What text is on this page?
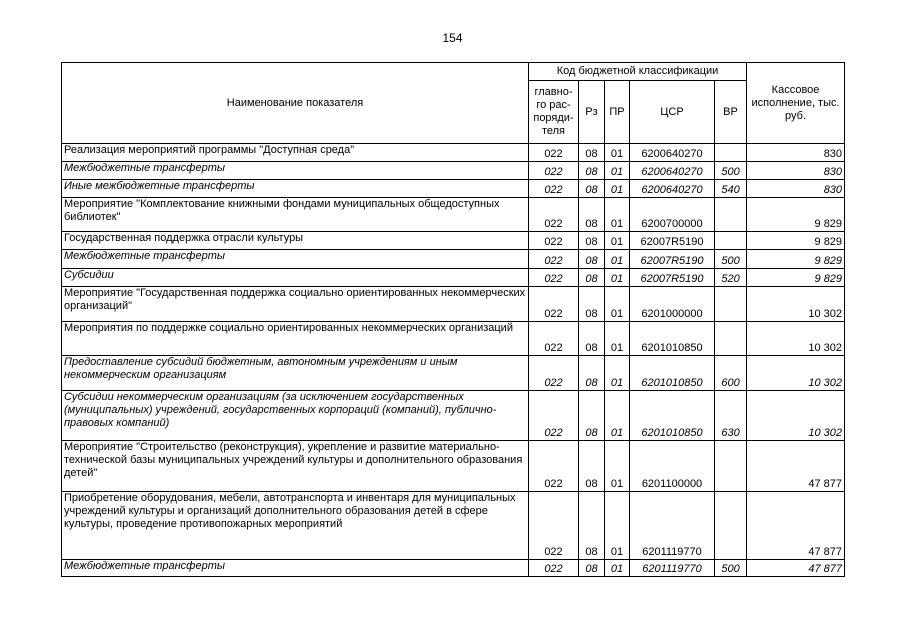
154
Наименование показателя	Код бюджетной классификации					Кассовое исполнение, тыс. руб.
	главно-
го рас-
поряди-
теля	Рз	ПР	ЦСР	ВР	
Реализация мероприятий программы "Доступная среда"	022	08	01	6200640270		830
Межбюджетные трансферты	022	08	01	6200640270	500	830
Иные межбюджетные трансферты	022	08	01	6200640270	540	830
Мероприятие "Комплектование книжными фондами муниципальных общедоступных библиотек"	022	08	01	6200700000		9 829
Государственная поддержка отрасли культуры	022	08	01	62007R5190		9 829
Межбюджетные трансферты	022	08	01	62007R5190	500	9 829
Субсидии	022	08	01	62007R5190	520	9 829
Мероприятие "Государственная поддержка социально ориентированных некоммерческих организаций"	022	08	01	6201000000		10 302
Мероприятия по поддержке социально ориентированных некоммерческих организаций	022	08	01	6201010850		10 302
Предоставление субсидий бюджетным, автономным учреждениям и иным некоммерческим организациям	022	08	01	6201010850	600	10 302
Субсидии некоммерческим организациям (за исключением государственных (муниципальных) учреждений, государственных корпораций (компаний), публично-правовых компаний)	022	08	01	6201010850	630	10 302
Мероприятие "Строительство (реконструкция), укрепление и развитие материально-технической базы муниципальных учреждений культуры и дополнительного образования детей"	022	08	01	6201100000		47 877
Приобретение оборудования, мебели, автотранспорта и инвентаря для муниципальных учреждений культуры и организаций дополнительного образования детей в сфере культуры, проведение противопожарных мероприятий	022	08	01	6201119770		47 877
Межбюджетные трансферты	022	08	01	6201119770	500	47 877
